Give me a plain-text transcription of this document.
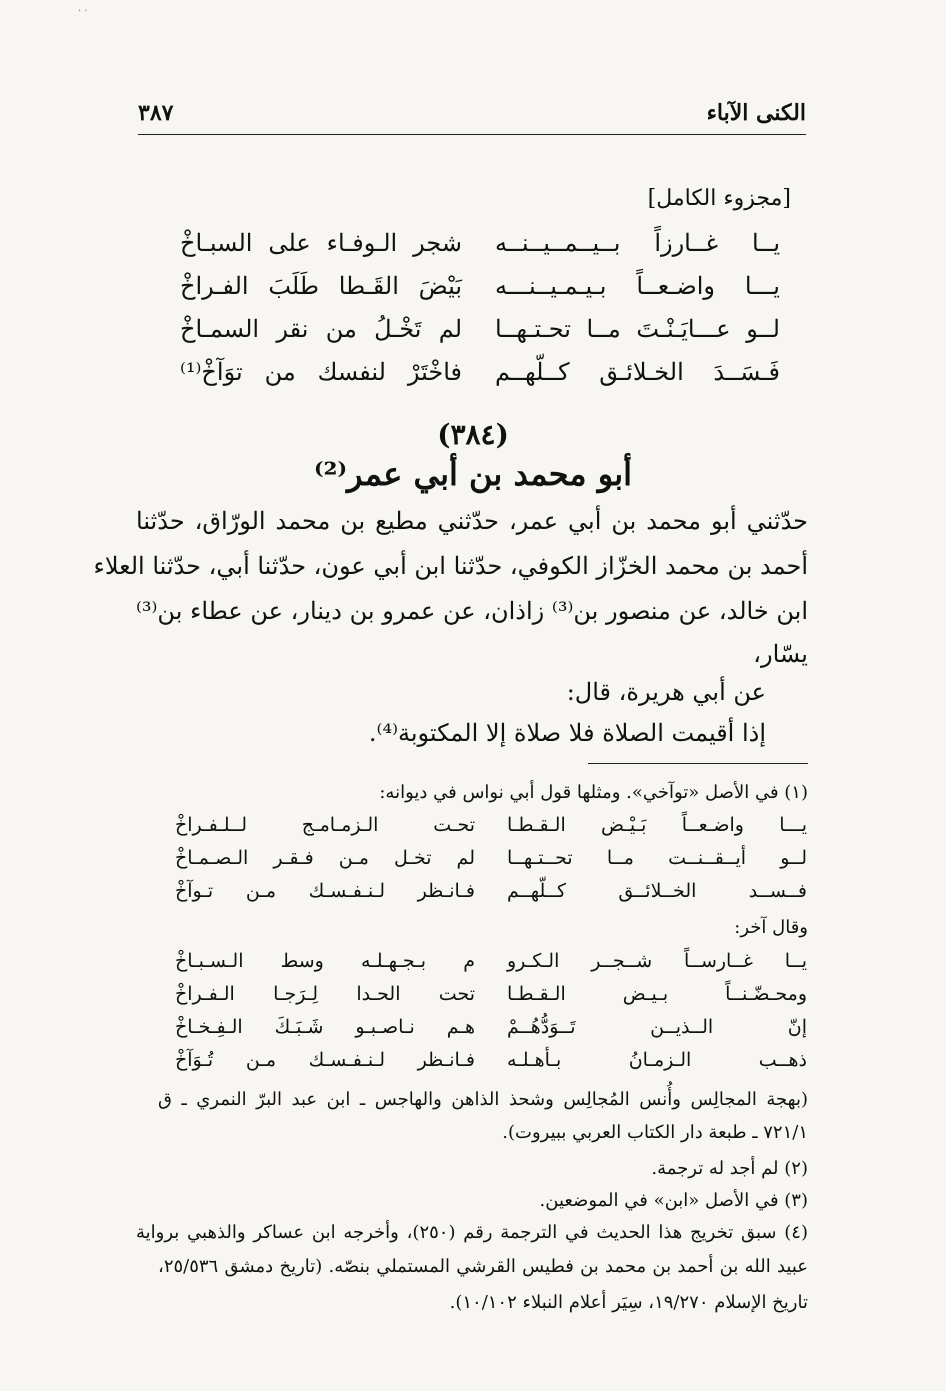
· ·
الكنى الآباء
٣٨٧
[مجزوء الكامل]
يــا غــارزاً بــيــمــيــنــه
شجر الـوفـاء على السبـاخْ
يـــا واضـعــاً بـيـمـيــنـــه
بَيْضَ القَـطا طَلَبَ الفـراخْ
لــو عـــايَـنْـتَ مــا تحـتـهــا
لم تَخْـلُ من نقر السمـاخْ
فَـسَــدَ الخـلائـق كــلّهــم
فاخْتَرْ لنفسك من توَآخْ⁽¹⁾
(٣٨٤)
أبو محمد بن أبي عمر⁽²⁾
حدّثني أبو محمد بن أبي عمر، حدّثني مطيع بن محمد الورّاق، حدّثنا
أحمد بن محمد الخزّاز الكوفي، حدّثنا ابن أبي عون، حدّثنا أبي، حدّثنا العلاء
ابن خالد، عن منصور بن⁽³⁾ زاذان، عن عمرو بن دينار، عن عطاء بن⁽³⁾
يسّار،
عن أبي هريرة، قال:
إذا أقيمت الصلاة فلا صلاة إلا المكتوبة⁽⁴⁾.
(١) في الأصل «توآخي». ومثلها قول أبي نواس في ديوانه:
يـــا واضـعــاً بَـيْـض الـقـطـا
تحـت الـزمـامـج لــلـفـراخْ
لــو أيــقــنــت مــا تحــتـهــا
لم تخـل مـن فـقـر الـصـمـاخْ
فــســد الخــلائــق كــلّهــم
فـانـظر لـنـفـسـك مـن تـوآخْ
وقال آخر:
يــا غــارســاً شــجــر الـكـرو
م بـجـهـلـه وسط الـسـبـاخْ
ومحـضّـنــاً بـيـض الـقـطـا
تحت الحـدا لِـرَجـا الـفـراخْ
إنّ الــذيــن تَــوَدُّهُــمْ
هـم نـاصـبـو شَـبَـكَ الـفِـخـاخْ
ذهــب الـزمـانُ بـأهـلـه
فـانـظر لـنـفـسـك مـن تُـوَآخْ
(بهجة المجالِس وأُنس المُجالِس وشحذ الذاهن والهاجس ـ ابن عبد البرّ النمري ـ ق
٧٢١/١ ـ طبعة دار الكتاب العربي ببيروت).
(٢) لم أجد له ترجمة.
(٣) في الأصل «ابن» في الموضعين.
(٤) سبق تخريج هذا الحديث في الترجمة رقم (٢٥٠)، وأخرجه ابن عساكر والذهبي برواية
عبيد الله بن أحمد بن محمد بن فطيس القرشي المستملي بنصّه. (تاريخ دمشق ٢٥/٥٣٦،
تاريخ الإسلام ١٩/٢٧٠، سِيَر أعلام النبلاء ١٠/١٠٢).
